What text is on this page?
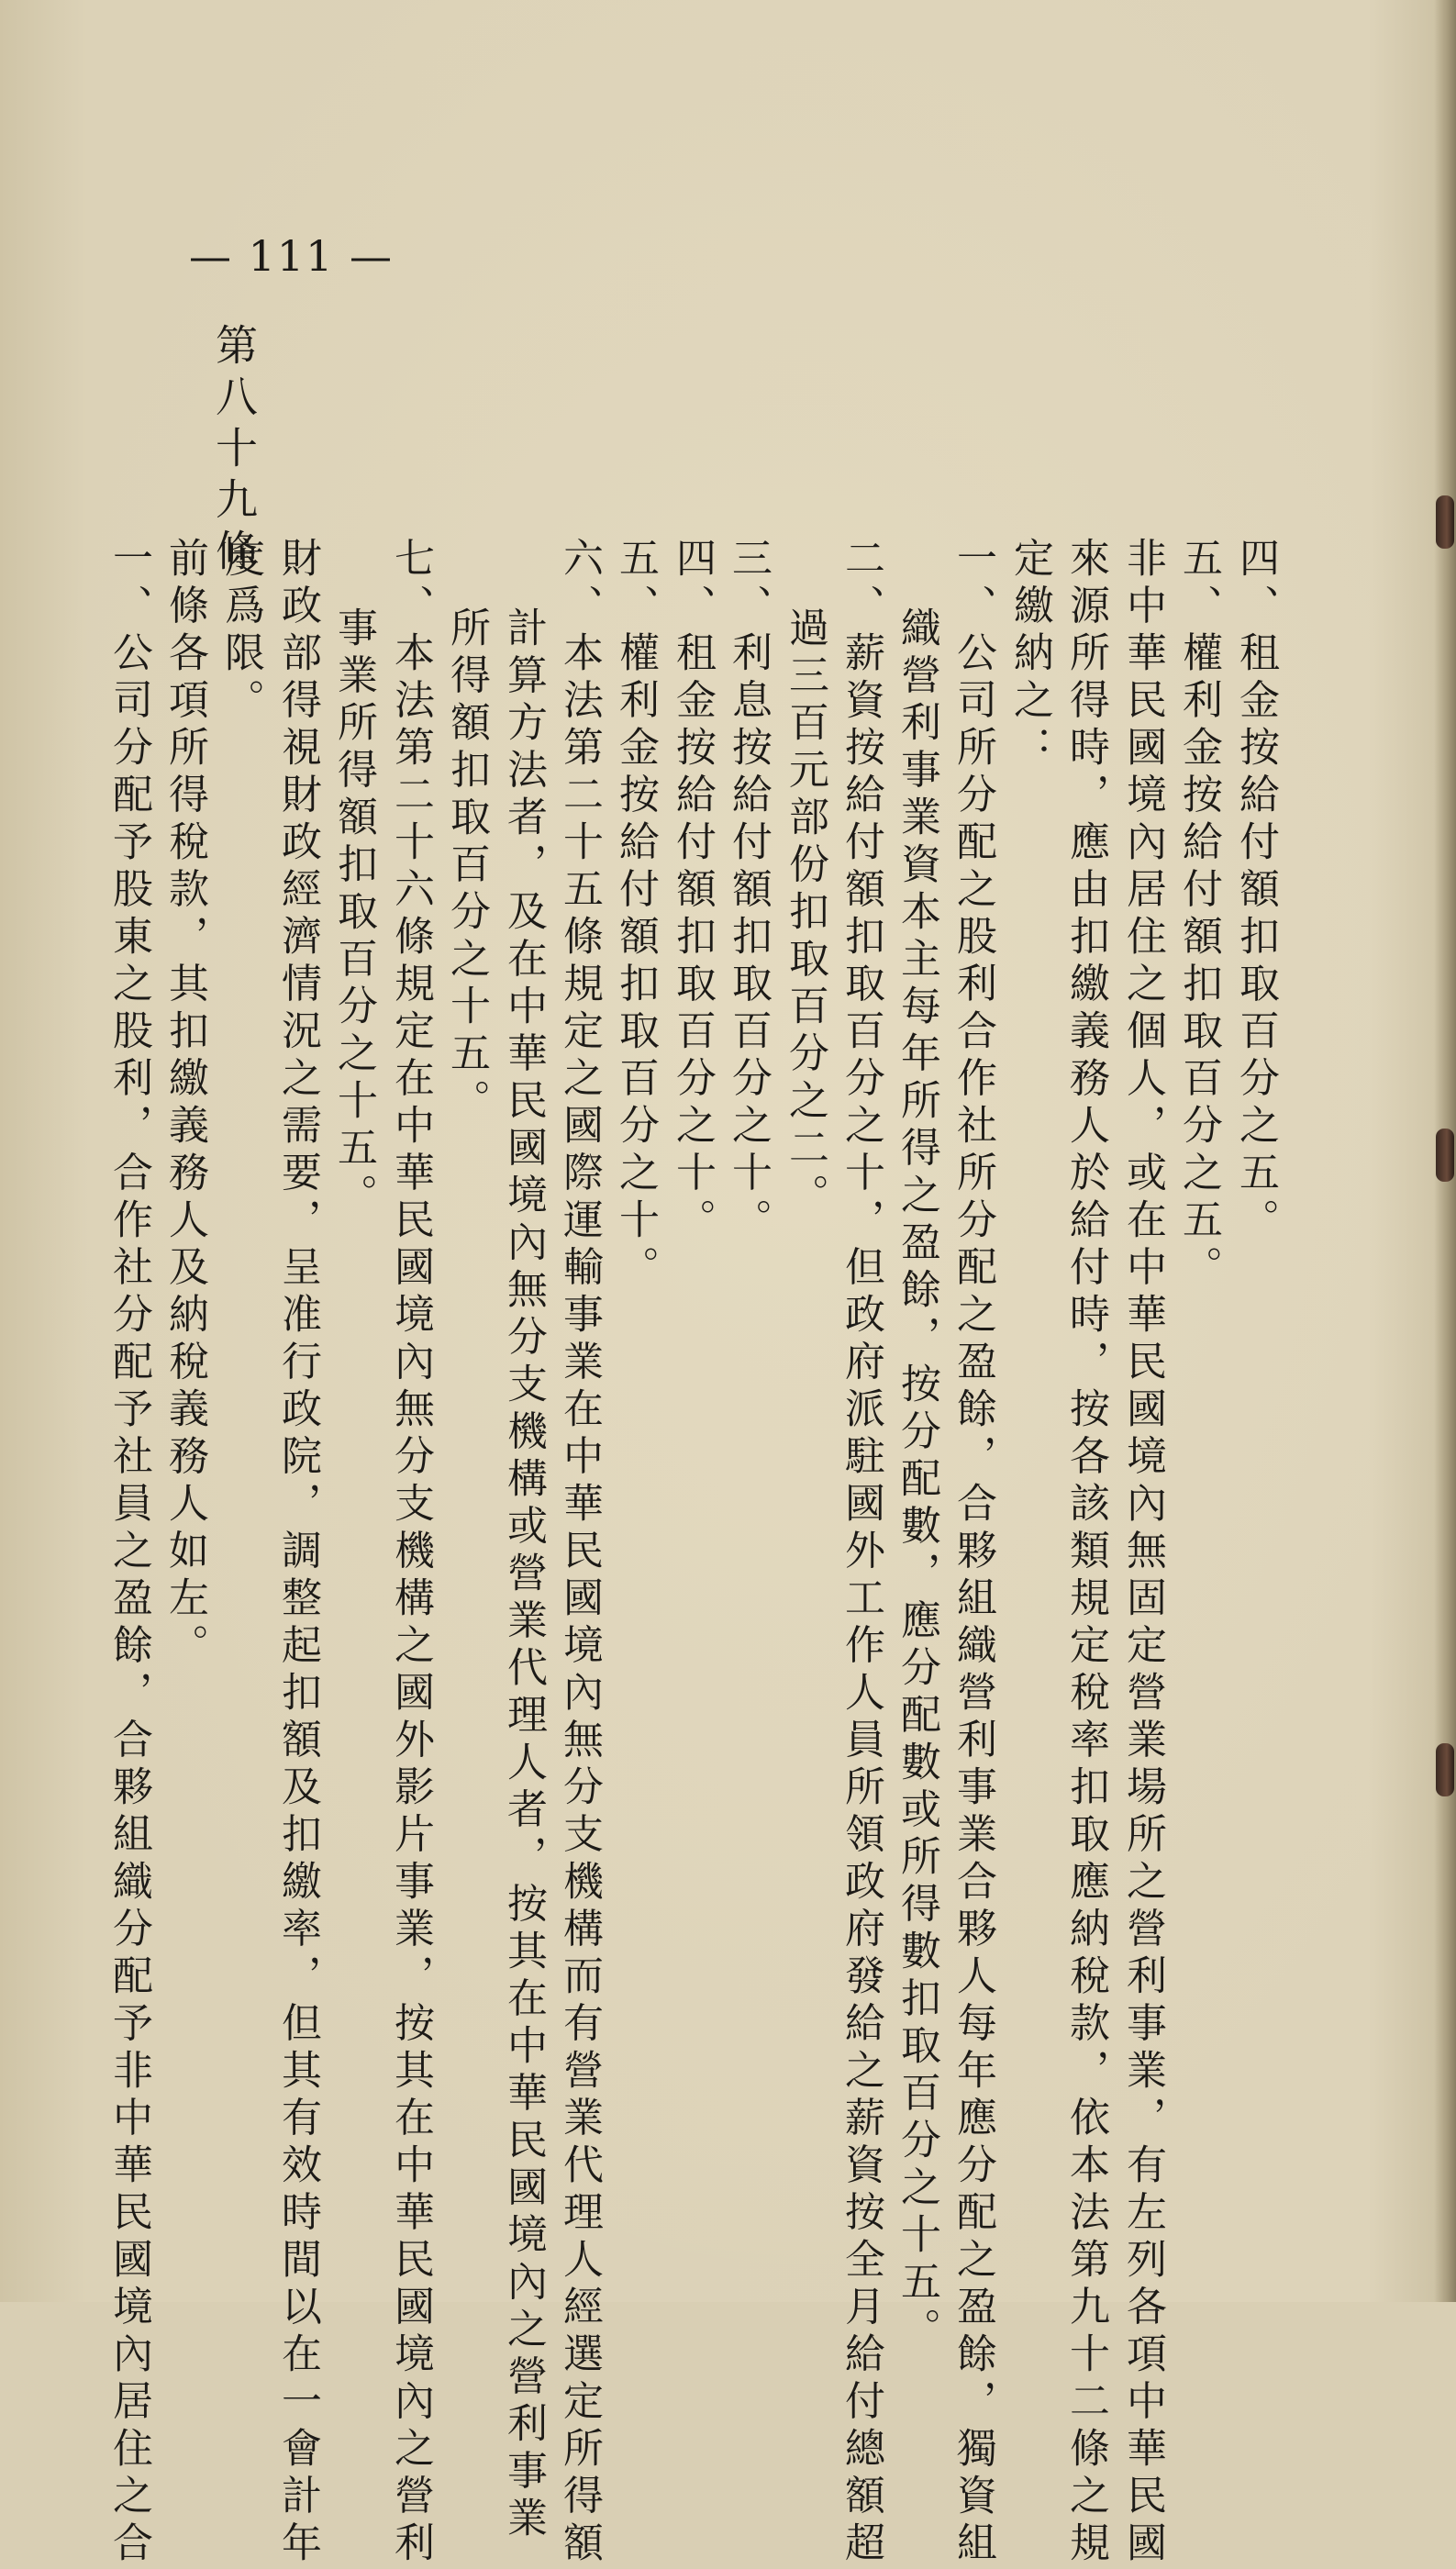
— 111 —
第八十九條
四、租金按給付額扣取百分之五。
五、權利金按給付額扣取百分之五。
非中華民國境內居住之個人，或在中華民國境內無固定營業場所之營利事業，有左列各項中華民國
來源所得時，應由扣繳義務人於給付時，按各該類規定稅率扣取應納稅款，依本法第九十二條之規
定繳納之：
一、公司所分配之股利合作社所分配之盈餘，合夥組織營利事業合夥人每年應分配之盈餘，獨資組
織營利事業資本主每年所得之盈餘，按分配數，應分配數或所得數扣取百分之十五。
二、薪資按給付額扣取百分之十，但政府派駐國外工作人員所領政府發給之薪資按全月給付總額超
過三百元部份扣取百分之二。
三、利息按給付額扣取百分之十。
四、租金按給付額扣取百分之十。
五、權利金按給付額扣取百分之十。
六、本法第二十五條規定之國際運輸事業在中華民國境內無分支機構而有營業代理人經選定所得額
計算方法者，及在中華民國境內無分支機構或營業代理人者，按其在中華民國境內之營利事業
所得額扣取百分之十五。
七、本法第二十六條規定在中華民國境內無分支機構之國外影片事業，按其在中華民國境內之營利
事業所得額扣取百分之十五。
財政部得視財政經濟情況之需要，呈准行政院，調整起扣額及扣繳率，但其有效時間以在一會計年
度爲限。
前條各項所得稅款，其扣繳義務人及納稅義務人如左。
一、公司分配予股東之股利，合作社分配予社員之盈餘，合夥組織分配予非中華民國境內居住之合
